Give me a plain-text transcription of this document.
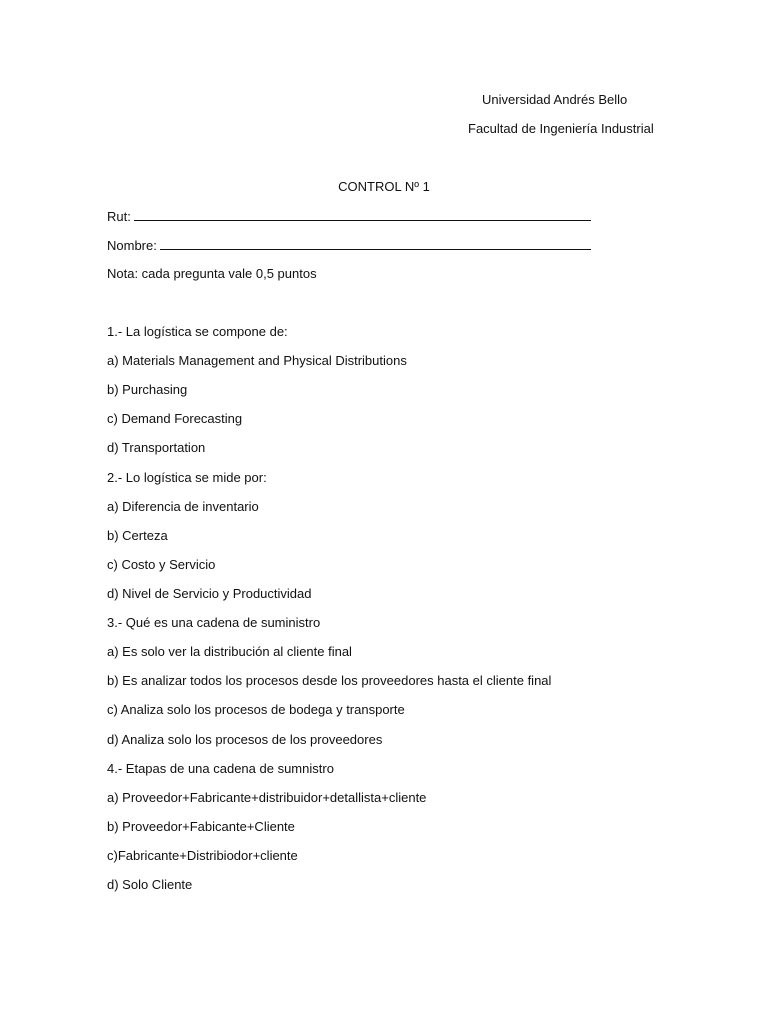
Universidad Andrés Bello
Facultad de Ingeniería Industrial
CONTROL Nº 1
Rut:
Nombre:
Nota: cada pregunta vale 0,5 puntos
1.- La logística se compone de:
a) Materials Management and Physical Distributions
b) Purchasing
c) Demand Forecasting
d) Transportation
2.- Lo logística se mide por:
a) Diferencia de inventario
b) Certeza
c) Costo y Servicio
d) Nivel de Servicio y Productividad
3.- Qué es una cadena de suministro
a) Es solo ver la distribución al cliente final
b) Es analizar todos los procesos desde los proveedores hasta el cliente final
c) Analiza solo los procesos de bodega y transporte
d) Analiza solo los procesos de los proveedores
4.- Etapas de una cadena de sumnistro
a) Proveedor+Fabricante+distribuidor+detallista+cliente
b) Proveedor+Fabicante+Cliente
c)Fabricante+Distribiodor+cliente
d) Solo Cliente
